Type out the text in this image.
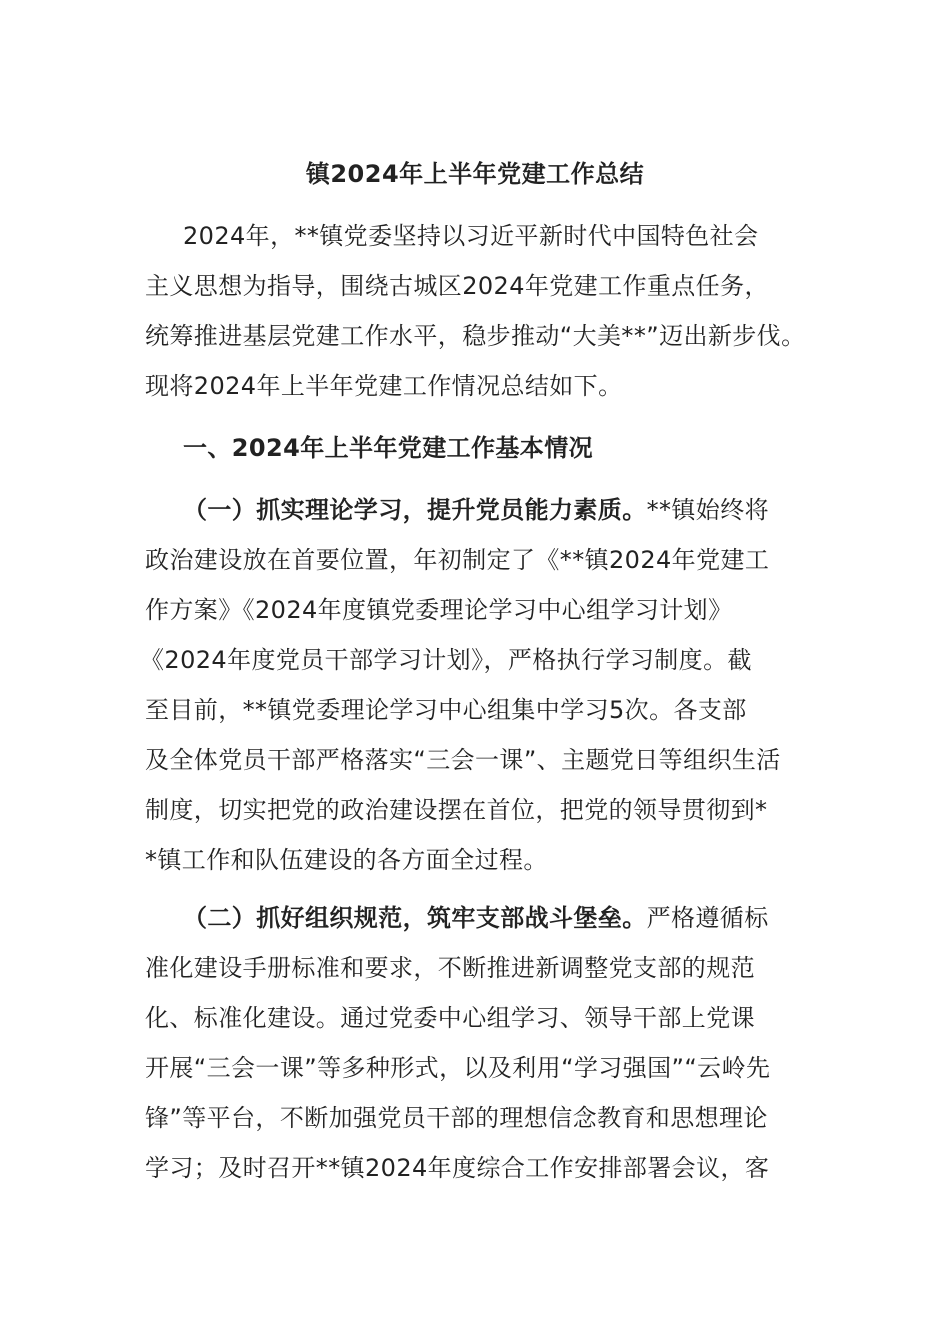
镇2024年上半年党建工作总结
2024年，**镇党委坚持以习近平新时代中国特色社会
主义思想为指导，围绕古城区2024年党建工作重点任务，
统筹推进基层党建工作水平，稳步推动“大美**”迈出新步伐。
现将2024年上半年党建工作情况总结如下。
一、2024年上半年党建工作基本情况
（一）抓实理论学习，提升党员能力素质。**镇始终将
政治建设放在首要位置，年初制定了《**镇2024年党建工
作方案》《2024年度镇党委理论学习中心组学习计划》
《2024年度党员干部学习计划》，严格执行学习制度。截
至目前，**镇党委理论学习中心组集中学习5次。各支部
及全体党员干部严格落实“三会一课”、主题党日等组织生活
制度，切实把党的政治建设摆在首位，把党的领导贯彻到*
*镇工作和队伍建设的各方面全过程。
（二）抓好组织规范，筑牢支部战斗堡垒。严格遵循标
准化建设手册标准和要求，不断推进新调整党支部的规范
化、标准化建设。通过党委中心组学习、领导干部上党课
开展“三会一课”等多种形式，以及利用“学习强国”“云岭先
锋”等平台，不断加强党员干部的理想信念教育和思想理论
学习；及时召开**镇2024年度综合工作安排部署会议，客
